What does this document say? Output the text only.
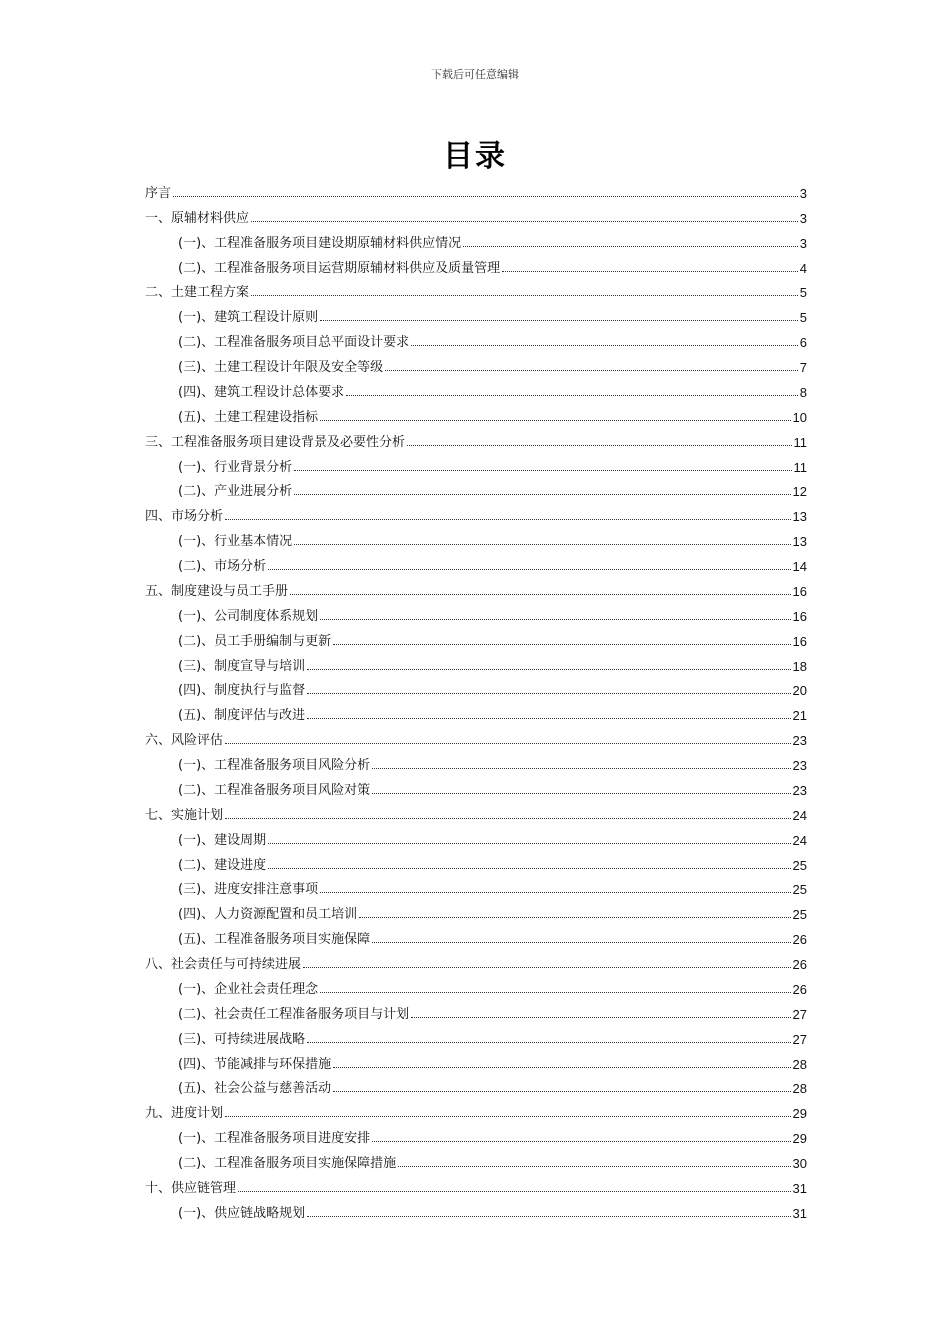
下载后可任意编辑
目录
序言	3
一、原辅材料供应	3
(一)、工程准备服务项目建设期原辅材料供应情况	3
(二)、工程准备服务项目运营期原辅材料供应及质量管理	4
二、土建工程方案	5
(一)、建筑工程设计原则	5
(二)、工程准备服务项目总平面设计要求	6
(三)、土建工程设计年限及安全等级	7
(四)、建筑工程设计总体要求	8
(五)、土建工程建设指标	10
三、工程准备服务项目建设背景及必要性分析	11
(一)、行业背景分析	11
(二)、产业进展分析	12
四、市场分析	13
(一)、行业基本情况	13
(二)、市场分析	14
五、制度建设与员工手册	16
(一)、公司制度体系规划	16
(二)、员工手册编制与更新	16
(三)、制度宣导与培训	18
(四)、制度执行与监督	20
(五)、制度评估与改进	21
六、风险评估	23
(一)、工程准备服务项目风险分析	23
(二)、工程准备服务项目风险对策	23
七、实施计划	24
(一)、建设周期	24
(二)、建设进度	25
(三)、进度安排注意事项	25
(四)、人力资源配置和员工培训	25
(五)、工程准备服务项目实施保障	26
八、社会责任与可持续进展	26
(一)、企业社会责任理念	26
(二)、社会责任工程准备服务项目与计划	27
(三)、可持续进展战略	27
(四)、节能减排与环保措施	28
(五)、社会公益与慈善活动	28
九、进度计划	29
(一)、工程准备服务项目进度安排	29
(二)、工程准备服务项目实施保障措施	30
十、供应链管理	31
(一)、供应链战略规划	31
